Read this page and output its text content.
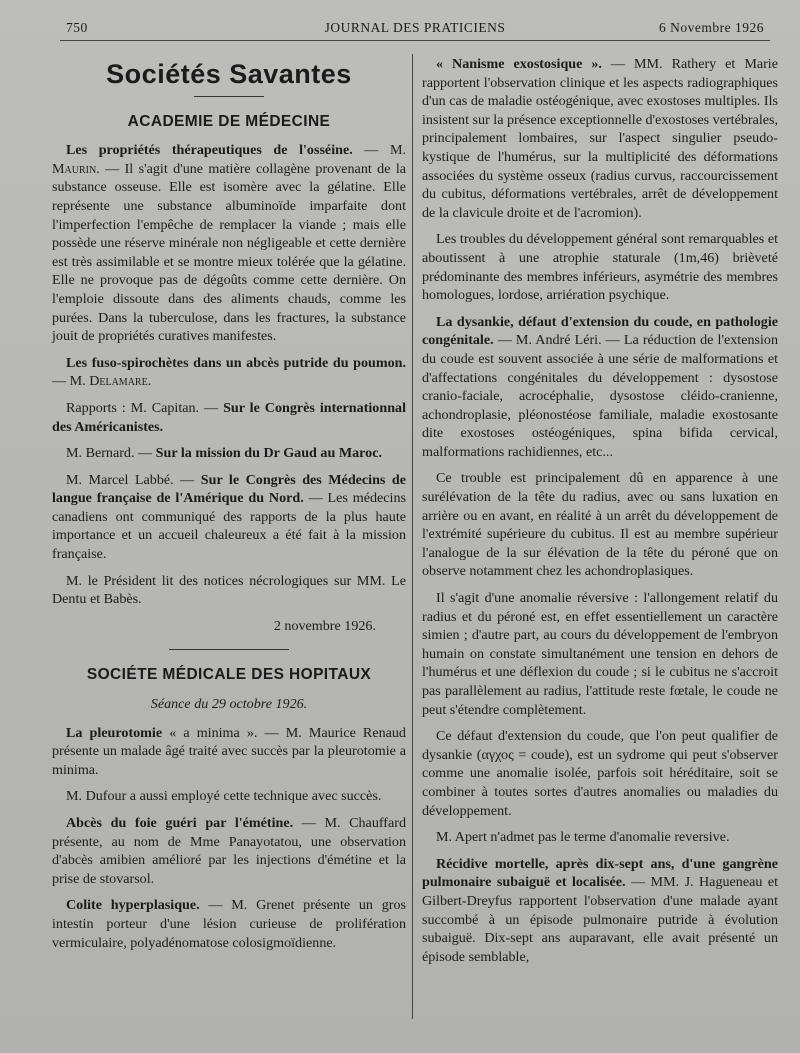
750	JOURNAL DES PRATICIENS	6 Novembre 1926
Sociétés Savantes
ACADEMIE DE MÉDECINE

Les propriétés thérapeutiques de l'osséine. — M. Maurin. — Il s'agit d'une matière collagène provenant de la substance osseuse. Elle est isomère avec la gélatine. Elle représente une substance albuminoïde imparfaite dont l'imperfection l'empêche de remplacer la viande ; mais elle possède une réserve minérale non négligeable et cette dernière est très assimilable et se montre mieux tolérée que la gélatine. Elle ne provoque pas de dégoûts comme cette dernière. On l'emploie dissoute dans des aliments chauds, comme les purées. Dans la tuberculose, dans les fractures, la substance jouit de propriétés curatives manifestes.

Les fuso-spirochètes dans un abcès putride du poumon. — M. Delamare.

Rapports : M. Capitan. — Sur le Congrès internationnal des Américanistes.

M. Bernard. — Sur la mission du Dr Gaud au Maroc.

M. Marcel Labbé. — Sur le Congrès des Médecins de langue française de l'Amérique du Nord. — Les médecins canadiens ont communiqué des rapports de la plus haute importance et un accueil chaleureux a été fait à la mission française.

M. le Président lit des notices nécrologiques sur MM. Le Dentu et Babès.

2 novembre 1926.

SOCIÉTE MÉDICALE DES HOPITAUX
Séance du 29 octobre 1926.

La pleurotomie « a minima ». — M. Maurice Renaud présente un malade âgé traité avec succès par la pleurotomie a minima.

M. Dufour a aussi employé cette technique avec succès.

Abcès du foie guéri par l'émétine. — M. Chauffard présente, au nom de Mme Panayotatou, une observation d'abcès amibien amélioré par les injections d'émétine et la prise de stovarsol.

Colite hyperplasique. — M. Grenet présente un gros intestin porteur d'une lésion curieuse de prolifération vermiculaire, polyadénomatose colosigmoïdienne.

« Nanisme exostosique ». — MM. Rathery et Marie rapportent l'observation clinique et les aspects radiographiques d'un cas de maladie ostéogénique, avec exostoses multiples. Ils insistent sur la présence exceptionnelle d'exostoses vertébrales, principalement lombaires, sur l'aspect singulier pseudo-kystique de l'humérus, sur la multiplicité des déformations associées du système osseux (radius curvus, raccourcissement du cubitus, déformations vertébrales, arrêt de développement de la clavicule droite et de l'acromion).

Les troubles du développement général sont remarquables et aboutissent à une atrophie staturale (1m,46) brièveté prédominante des membres inférieurs, asymétrie des membres homologues, lordose, arriération psychique.

La dysankie, défaut d'extension du coude, en pathologie congénitale. — M. André Léri. — La réduction de l'extension du coude est souvent associée à une série de malformations et d'affectations congénitales du développement : dysostose cranio-faciale, acrocéphalie, dysostose cléido-cranienne, achondroplasie, pléonostéose familiale, maladie exostosante dite exostoses ostéogéniques, spina bifida cervical, malformations rachidiennes, etc...

Ce trouble est principalement dû en apparence à une surélévation de la tête du radius, avec ou sans luxation en arrière ou en avant, en réalité à un arrêt du développement de l'extrémité supérieure du cubitus. Il est au membre supérieur l'analogue de la sur élévation de la tête du péroné que on observe notamment chez les achondroplasiques.

Il s'agit d'une anomalie réversive : l'allongement relatif du radius et du péroné est, en effet essentiellement un caractère simien ; d'autre part, au cours du développement de l'embryon humain on constate simultanément une tension en dehors de l'humérus et une déflexion du coude ; si le cubitus ne s'accroit pas parallèlement au radius, l'attitude reste fœtale, le coude ne peut s'étendre complètement.

Ce défaut d'extension du coude, que l'on peut qualifier de dysankie (αγχος = coude), est un sydrome qui peut s'observer comme une anomalie isolée, parfois soit héréditaire, soit se combiner à toutes sortes d'autres anomalies ou maladies du développement.

M. Apert n'admet pas le terme d'anomalie reversive.

Récidive mortelle, après dix-sept ans, d'une gangrène pulmonaire subaiguë et localisée. — MM. J. Hagueneau et Gilbert-Dreyfus rapportent l'observation d'une malade ayant succombé à un épisode pulmonaire putride à évolution subaiguë. Dix-sept ans auparavant, elle avait présenté un épisode semblable,
